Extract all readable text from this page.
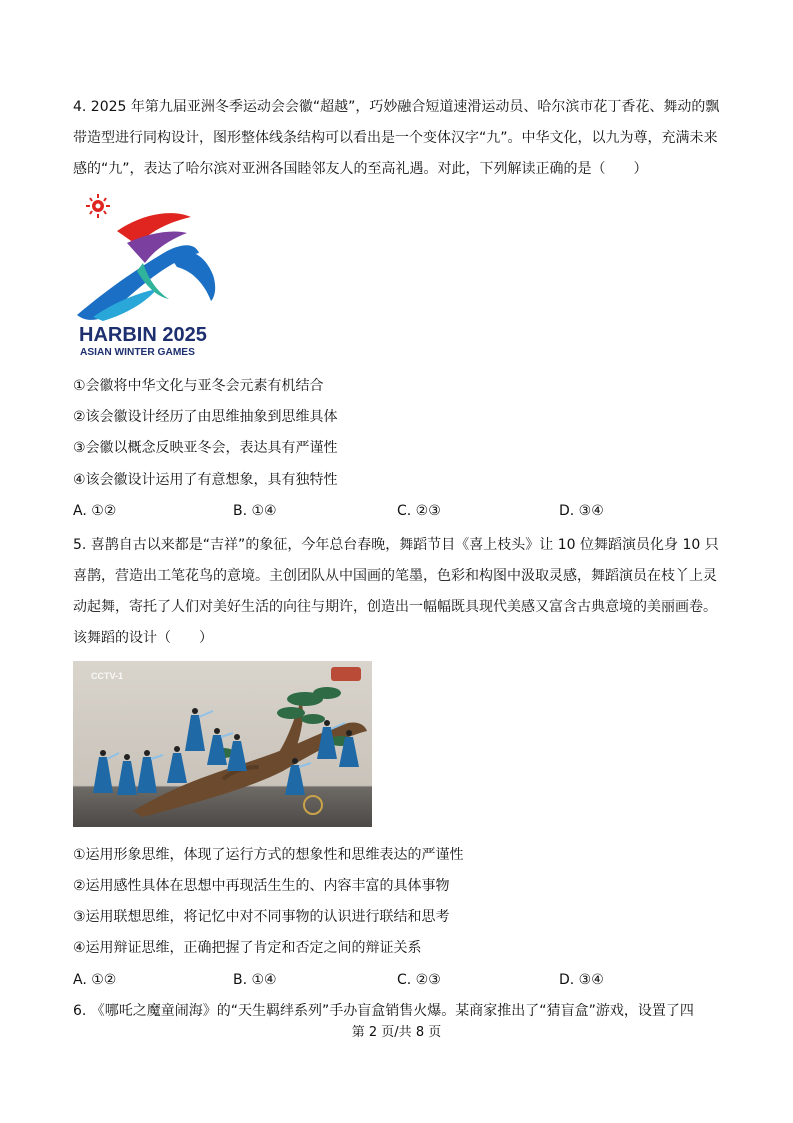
4. 2025 年第九届亚洲冬季运动会会徽“超越”，巧妙融合短道速滑运动员、哈尔滨市花丁香花、舞动的飘带造型进行同构设计，图形整体线条结构可以看出是一个变体汉字“九”。中华文化，以九为尊，充满未来感的“九”，表达了哈尔滨对亚洲各国睦邻友人的至高礼遇。对此，下列解读正确的是（　　）
HARBIN 2025
ASIAN WINTER GAMES
①会徽将中华文化与亚冬会元素有机结合
②该会徽设计经历了由思维抽象到思维具体
③会徽以概念反映亚冬会，表达具有严谨性
④该会徽设计运用了有意想象，具有独特性
A. ①②	B. ①④	C. ②③	D. ③④
5. 喜鹊自古以来都是“吉祥”的象征，今年总台春晚，舞蹈节目《喜上枝头》让 10 位舞蹈演员化身 10 只喜鹊，营造出工笔花鸟的意境。主创团队从中国画的笔墨，色彩和构图中汲取灵感，舞蹈演员在枝丫上灵动起舞，寄托了人们对美好生活的向往与期许，创造出一幅幅既具现代美感又富含古典意境的美丽画卷。该舞蹈的设计（　　）
CCTV-1
①运用形象思维，体现了运行方式的想象性和思维表达的严谨性
②运用感性具体在思想中再现活生生的、内容丰富的具体事物
③运用联想思维，将记忆中对不同事物的认识进行联结和思考
④运用辩证思维，正确把握了肯定和否定之间的辩证关系
A. ①②	B. ①④	C. ②③	D. ③④
6. 《哪吒之魔童闹海》的“天生羁绊系列”手办盲盒销售火爆。某商家推出了“猜盲盒”游戏，设置了四
第 2 页/共 8 页
